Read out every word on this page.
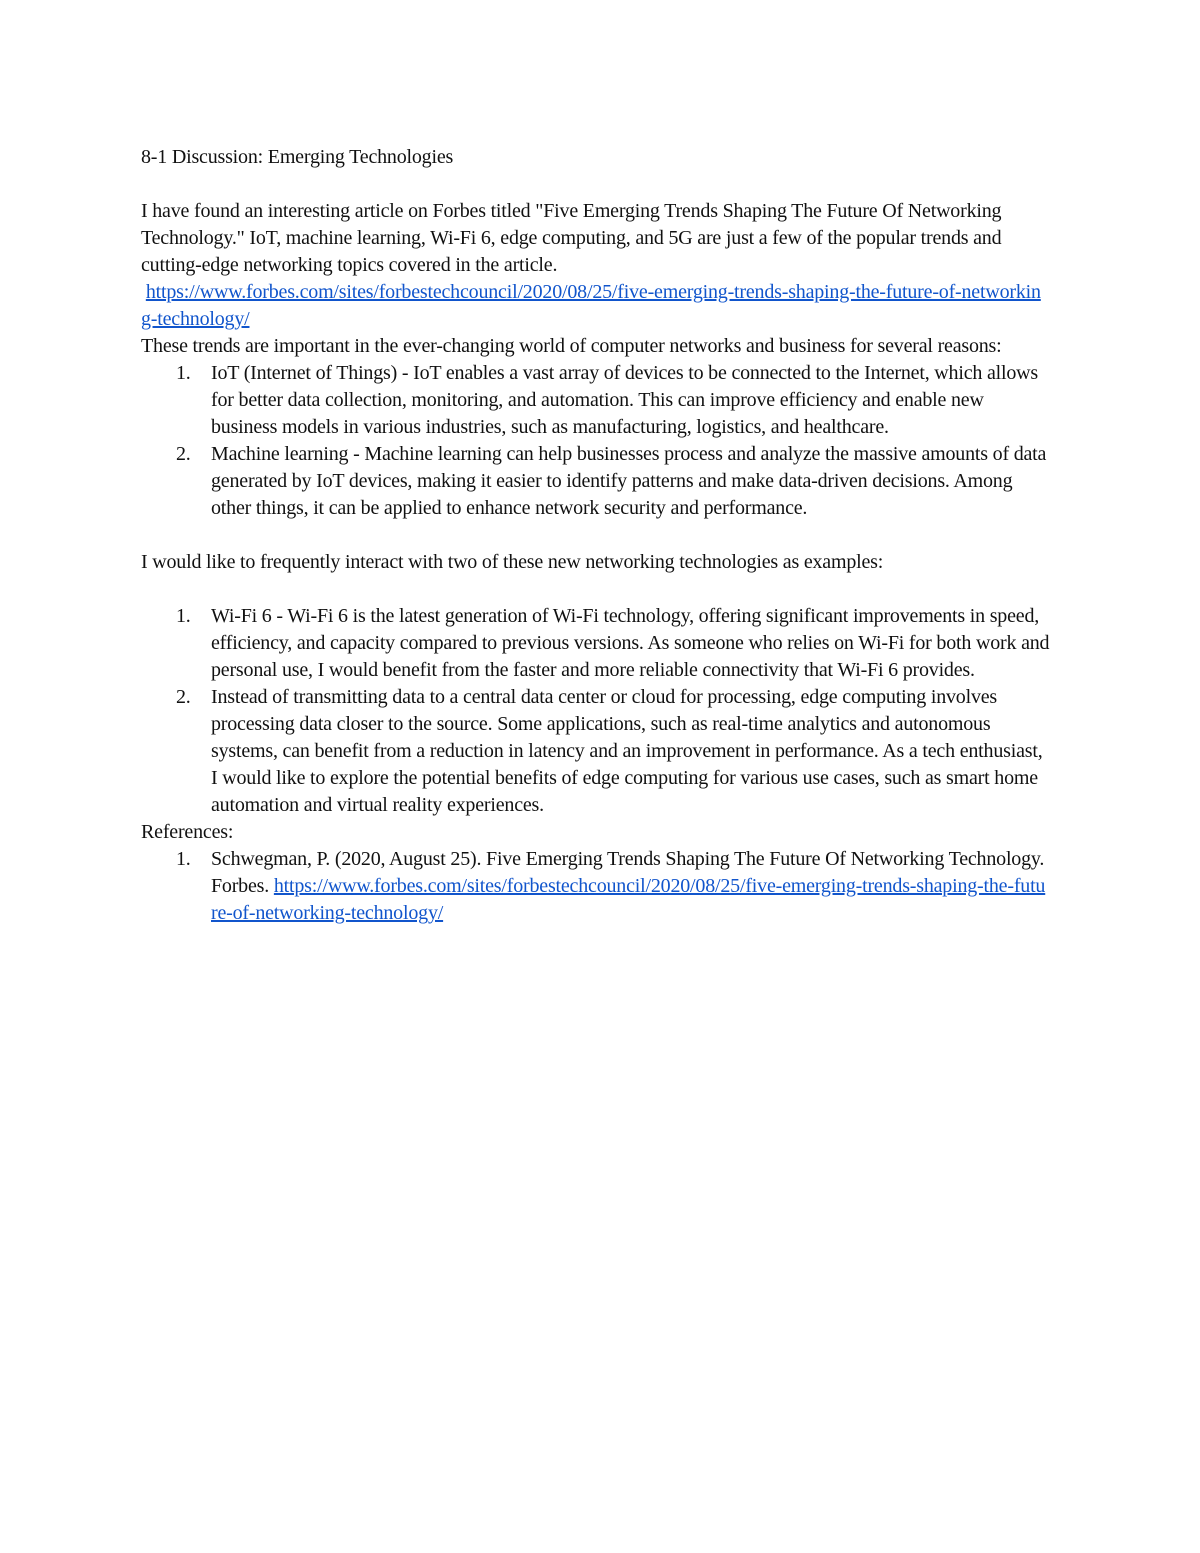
8-1 Discussion: Emerging Technologies

I have found an interesting article on Forbes titled "Five Emerging Trends Shaping The Future Of Networking Technology." IoT, machine learning, Wi-Fi 6, edge computing, and 5G are just a few of the popular trends and cutting-edge networking topics covered in the article.

https://www.forbes.com/sites/forbestechcouncil/2020/08/25/five-emerging-trends-shaping-the-future-of-networking-technology/

These trends are important in the ever-changing world of computer networks and business for several reasons:

1. IoT (Internet of Things) - IoT enables a vast array of devices to be connected to the Internet, which allows for better data collection, monitoring, and automation. This can improve efficiency and enable new business models in various industries, such as manufacturing, logistics, and healthcare.
2. Machine learning - Machine learning can help businesses process and analyze the massive amounts of data generated by IoT devices, making it easier to identify patterns and make data-driven decisions. Among other things, it can be applied to enhance network security and performance.

I would like to frequently interact with two of these new networking technologies as examples:

1. Wi-Fi 6 - Wi-Fi 6 is the latest generation of Wi-Fi technology, offering significant improvements in speed, efficiency, and capacity compared to previous versions. As someone who relies on Wi-Fi for both work and personal use, I would benefit from the faster and more reliable connectivity that Wi-Fi 6 provides.
2. Instead of transmitting data to a central data center or cloud for processing, edge computing involves processing data closer to the source. Some applications, such as real-time analytics and autonomous systems, can benefit from a reduction in latency and an improvement in performance. As a tech enthusiast, I would like to explore the potential benefits of edge computing for various use cases, such as smart home automation and virtual reality experiences.

References:

1. Schwegman, P. (2020, August 25). Five Emerging Trends Shaping The Future Of Networking Technology. Forbes. https://www.forbes.com/sites/forbestechcouncil/2020/08/25/five-emerging-trends-shaping-the-future-of-networking-technology/
